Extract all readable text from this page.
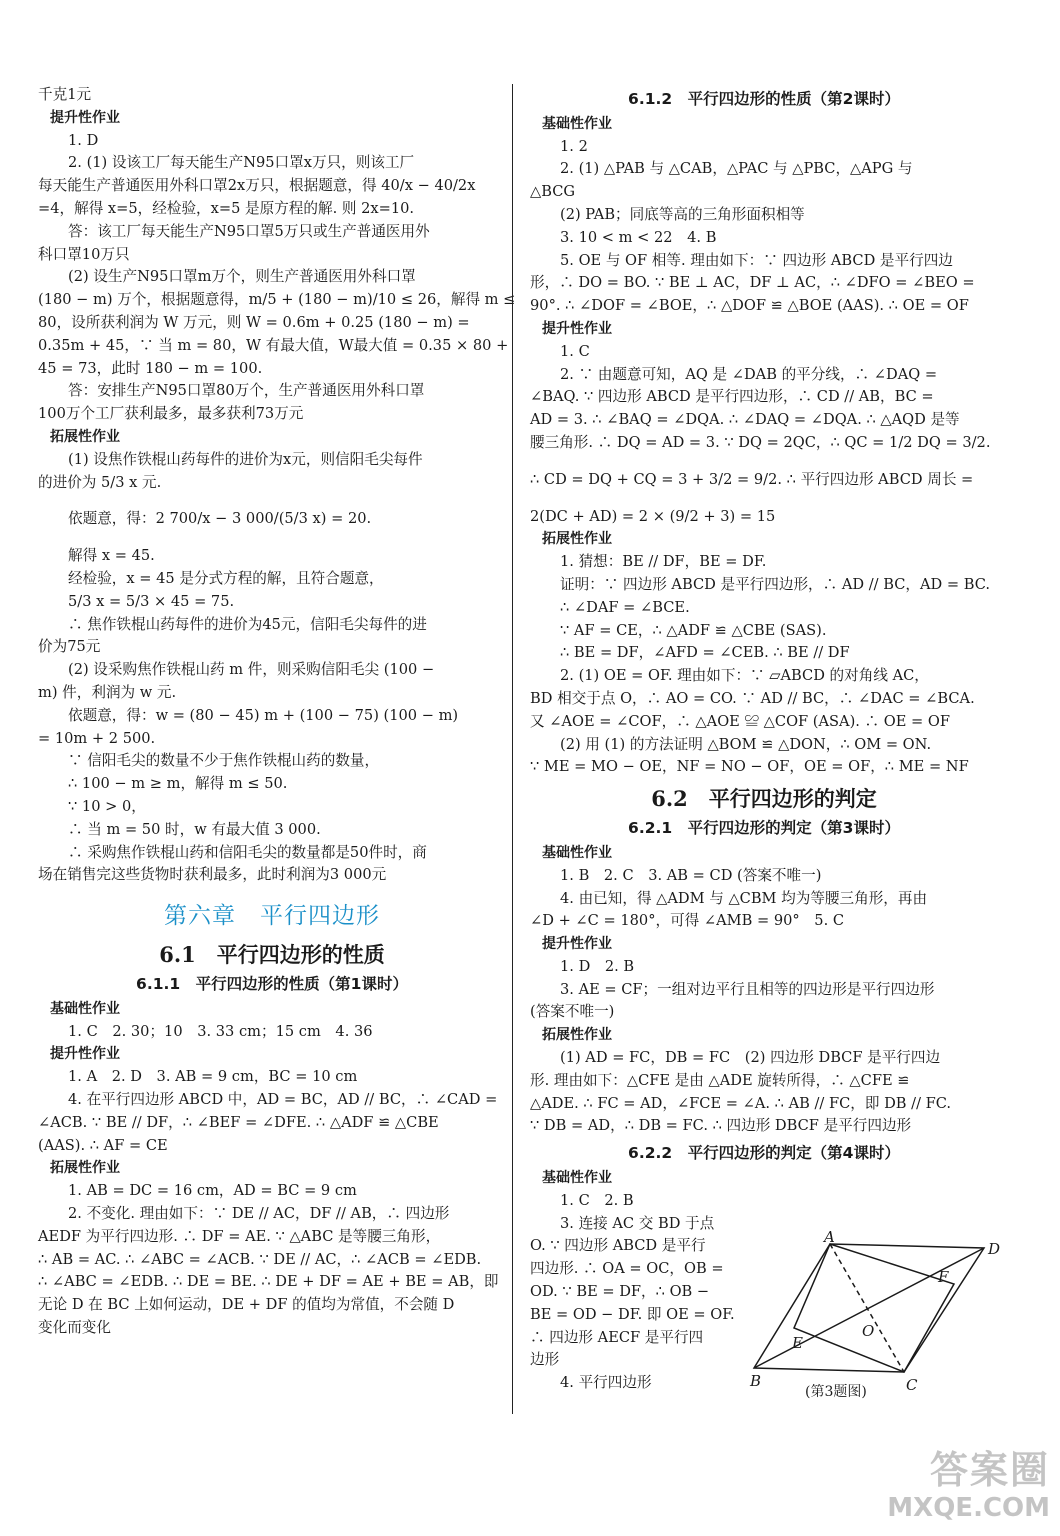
千克1元
提升性作业
1. D
2. (1) 设该工厂每天能生产N95口罩x万只，则该工厂
每天能生产普通医用外科口罩2x万只，根据题意，得 40/x − 40/2x
=4，解得 x=5，经检验，x=5 是原方程的解. 则 2x=10.
答：该工厂每天能生产N95口罩5万只或生产普通医用外
科口罩10万只
(2) 设生产N95口罩m万个，则生产普通医用外科口罩
(180 − m) 万个，根据题意得，m/5 + (180 − m)/10 ≤ 26，解得 m ≤
80，设所获利润为 W 万元，则 W = 0.6m + 0.25 (180 − m) =
0.35m + 45，∵ 当 m = 80，W 有最大值，W最大值 = 0.35 × 80 +
45 = 73，此时 180 − m = 100.
答：安排生产N95口罩80万个，生产普通医用外科口罩
100万个工厂获利最多，最多获利73万元
拓展性作业
(1) 设焦作铁棍山药每件的进价为x元，则信阳毛尖每件
的进价为 5/3 x 元.
依题意，得：2 700/x − 3 000/(5/3 x) = 20.
解得 x = 45.
经检验，x = 45 是分式方程的解，且符合题意，
5/3 x = 5/3 × 45 = 75.
∴ 焦作铁棍山药每件的进价为45元，信阳毛尖每件的进
价为75元
(2) 设采购焦作铁棍山药 m 件，则采购信阳毛尖 (100 −
m) 件，利润为 w 元.
依题意，得：w = (80 − 45) m + (100 − 75) (100 − m)
= 10m + 2 500.
∵ 信阳毛尖的数量不少于焦作铁棍山药的数量，
∴ 100 − m ≥ m，解得 m ≤ 50.
∵ 10 > 0，
∴ 当 m = 50 时，w 有最大值 3 000.
∴ 采购焦作铁棍山药和信阳毛尖的数量都是50件时，商
场在销售完这些货物时获利最多，此时利润为3 000元
第六章　平行四边形
6.1　平行四边形的性质
6.1.1　平行四边形的性质（第1课时）
基础性作业
1. C　2. 30；10　3. 33 cm；15 cm　4. 36
提升性作业
1. A　2. D　3. AB = 9 cm，BC = 10 cm
4. 在平行四边形 ABCD 中，AD = BC，AD // BC，∴ ∠CAD =
∠ACB. ∵ BE // DF，∴ ∠BEF = ∠DFE. ∴ △ADF ≌ △CBE
(AAS). ∴ AF = CE
拓展性作业
1. AB = DC = 16 cm，AD = BC = 9 cm
2. 不变化. 理由如下：∵ DE // AC，DF // AB，∴ 四边形
AEDF 为平行四边形. ∴ DF = AE. ∵ △ABC 是等腰三角形，
∴ AB = AC. ∴ ∠ABC = ∠ACB. ∵ DE // AC，∴ ∠ACB = ∠EDB.
∴ ∠ABC = ∠EDB. ∴ DE = BE. ∴ DE + DF = AE + BE = AB，即
无论 D 在 BC 上如何运动，DE + DF 的值均为常值，不会随 D
变化而变化
6.1.2　平行四边形的性质（第2课时）
基础性作业
1. 2
2. (1) △PAB 与 △CAB，△PAC 与 △PBC，△APG 与
△BCG
(2) PAB；同底等高的三角形面积相等
3. 10 < m < 22　4. B
5. OE 与 OF 相等. 理由如下：∵ 四边形 ABCD 是平行四边
形，∴ DO = BO. ∵ BE ⊥ AC，DF ⊥ AC，∴ ∠DFO = ∠BEO =
90°. ∴ ∠DOF = ∠BOE，∴ △DOF ≌ △BOE (AAS). ∴ OE = OF
提升性作业
1. C
2. ∵ 由题意可知，AQ 是 ∠DAB 的平分线，∴ ∠DAQ =
∠BAQ. ∵ 四边形 ABCD 是平行四边形，∴ CD // AB，BC =
AD = 3. ∴ ∠BAQ = ∠DQA. ∴ ∠DAQ = ∠DQA. ∴ △AQD 是等
腰三角形. ∴ DQ = AD = 3. ∵ DQ = 2QC，∴ QC = 1/2 DQ = 3/2.
∴ CD = DQ + CQ = 3 + 3/2 = 9/2. ∴ 平行四边形 ABCD 周长 =
2(DC + AD) = 2 × (9/2 + 3) = 15
拓展性作业
1. 猜想：BE // DF，BE = DF.
证明：∵ 四边形 ABCD 是平行四边形，∴ AD // BC，AD = BC.
∴ ∠DAF = ∠BCE.
∵ AF = CE，∴ △ADF ≌ △CBE (SAS).
∴ BE = DF，∠AFD = ∠CEB. ∴ BE // DF
2. (1) OE = OF. 理由如下：∵ ▱ABCD 的对角线 AC，
BD 相交于点 O，∴ AO = CO. ∵ AD // BC，∴ ∠DAC = ∠BCA.
又 ∠AOE = ∠COF，∴ △AOE ≌ △COF (ASA). ∴ OE = OF
(2) 用 (1) 的方法证明 △BOM ≌ △DON，∴ OM = ON.
∵ ME = MO − OE，NF = NO − OF，OE = OF，∴ ME = NF
6.2　平行四边形的判定
6.2.1　平行四边形的判定（第3课时）
基础性作业
1. B　2. C　3. AB = CD (答案不唯一)
4. 由已知，得 △ADM 与 △CBM 均为等腰三角形，再由
∠D + ∠C = 180°，可得 ∠AMB = 90°　5. C
提升性作业
1. D　2. B
3. AE = CF；一组对边平行且相等的四边形是平行四边形
(答案不唯一)
拓展性作业
(1) AD = FC，DB = FC　(2) 四边形 DBCF 是平行四边
形. 理由如下：△CFE 是由 △ADE 旋转所得，∴ △CFE ≌
△ADE. ∴ FC = AD，∠FCE = ∠A. ∴ AB // FC，即 DB // FC.
∵ DB = AD，∴ DB = FC. ∴ 四边形 DBCF 是平行四边形
6.2.2　平行四边形的判定（第4课时）
基础性作业
1. C　2. B
3. 连接 AC 交 BD 于点
O. ∵ 四边形 ABCD 是平行
四边形. ∴ OA = OC，OB =
OD. ∵ BE = DF，∴ OB −
BE = OD − DF. 即 OE = OF.
∴ 四边形 AECF 是平行四
边形
4. 平行四边形
A
D
C
B
E
F
O
(第3题图)
答案圈
MXQE.COM
